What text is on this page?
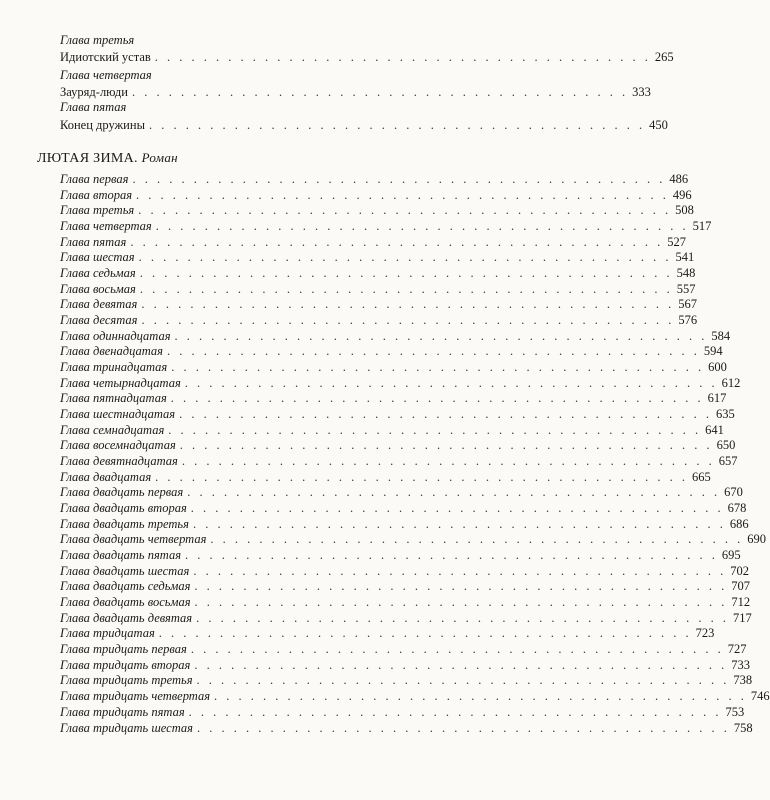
Глава третья
Идиотский устав . . . . . . . . . . . . . . . . . . . . . . . . . . . . . . . . . . . . . . . . . 265
Глава четвертая
Зауряд-люди . . . . . . . . . . . . . . . . . . . . . . . . . . . . . . . . . . . . . . . . . 333
Глава пятая
Конец дружины . . . . . . . . . . . . . . . . . . . . . . . . . . . . . . . . . . . . . . . . . 450
ЛЮТАЯ ЗИМА. Роман
Глава первая . . . . . . . . . . . . . . . . . . . . . . . . . . . . . . . . . . . . . . . . . . . . 486
Глава вторая . . . . . . . . . . . . . . . . . . . . . . . . . . . . . . . . . . . . . . . . . . . . 496
Глава третья . . . . . . . . . . . . . . . . . . . . . . . . . . . . . . . . . . . . . . . . . . . . 508
Глава четвертая . . . . . . . . . . . . . . . . . . . . . . . . . . . . . . . . . . . . . . . . . . . . 517
Глава пятая . . . . . . . . . . . . . . . . . . . . . . . . . . . . . . . . . . . . . . . . . . . . 527
Глава шестая . . . . . . . . . . . . . . . . . . . . . . . . . . . . . . . . . . . . . . . . . . . . 541
Глава седьмая . . . . . . . . . . . . . . . . . . . . . . . . . . . . . . . . . . . . . . . . . . . . 548
Глава восьмая . . . . . . . . . . . . . . . . . . . . . . . . . . . . . . . . . . . . . . . . . . . . 557
Глава девятая . . . . . . . . . . . . . . . . . . . . . . . . . . . . . . . . . . . . . . . . . . . . 567
Глава десятая . . . . . . . . . . . . . . . . . . . . . . . . . . . . . . . . . . . . . . . . . . . . 576
Глава одиннадцатая . . . . . . . . . . . . . . . . . . . . . . . . . . . . . . . . . . . . . . . . . . . . 584
Глава двенадцатая . . . . . . . . . . . . . . . . . . . . . . . . . . . . . . . . . . . . . . . . . . . . 594
Глава тринадцатая . . . . . . . . . . . . . . . . . . . . . . . . . . . . . . . . . . . . . . . . . . . . 600
Глава четырнадцатая . . . . . . . . . . . . . . . . . . . . . . . . . . . . . . . . . . . . . . . . . . . . 612
Глава пятнадцатая . . . . . . . . . . . . . . . . . . . . . . . . . . . . . . . . . . . . . . . . . . . . 617
Глава шестнадцатая . . . . . . . . . . . . . . . . . . . . . . . . . . . . . . . . . . . . . . . . . . . . 635
Глава семнадцатая . . . . . . . . . . . . . . . . . . . . . . . . . . . . . . . . . . . . . . . . . . . . 641
Глава восемнадцатая . . . . . . . . . . . . . . . . . . . . . . . . . . . . . . . . . . . . . . . . . . . . 650
Глава девятнадцатая . . . . . . . . . . . . . . . . . . . . . . . . . . . . . . . . . . . . . . . . . . . . 657
Глава двадцатая . . . . . . . . . . . . . . . . . . . . . . . . . . . . . . . . . . . . . . . . . . . . 665
Глава двадцать первая . . . . . . . . . . . . . . . . . . . . . . . . . . . . . . . . . . . . . . . . . . . . 670
Глава двадцать вторая . . . . . . . . . . . . . . . . . . . . . . . . . . . . . . . . . . . . . . . . . . . . 678
Глава двадцать третья . . . . . . . . . . . . . . . . . . . . . . . . . . . . . . . . . . . . . . . . . . . . 686
Глава двадцать четвертая . . . . . . . . . . . . . . . . . . . . . . . . . . . . . . . . . . . . . . . . . . . . 690
Глава двадцать пятая . . . . . . . . . . . . . . . . . . . . . . . . . . . . . . . . . . . . . . . . . . . . 695
Глава двадцать шестая . . . . . . . . . . . . . . . . . . . . . . . . . . . . . . . . . . . . . . . . . . . . 702
Глава двадцать седьмая . . . . . . . . . . . . . . . . . . . . . . . . . . . . . . . . . . . . . . . . . . . . 707
Глава двадцать восьмая . . . . . . . . . . . . . . . . . . . . . . . . . . . . . . . . . . . . . . . . . . . . 712
Глава двадцать девятая . . . . . . . . . . . . . . . . . . . . . . . . . . . . . . . . . . . . . . . . . . . . 717
Глава тридцатая . . . . . . . . . . . . . . . . . . . . . . . . . . . . . . . . . . . . . . . . . . . . 723
Глава тридцать первая . . . . . . . . . . . . . . . . . . . . . . . . . . . . . . . . . . . . . . . . . . . . 727
Глава тридцать вторая . . . . . . . . . . . . . . . . . . . . . . . . . . . . . . . . . . . . . . . . . . . . 733
Глава тридцать третья . . . . . . . . . . . . . . . . . . . . . . . . . . . . . . . . . . . . . . . . . . . . 738
Глава тридцать четвертая . . . . . . . . . . . . . . . . . . . . . . . . . . . . . . . . . . . . . . . . . . . . 746
Глава тридцать пятая . . . . . . . . . . . . . . . . . . . . . . . . . . . . . . . . . . . . . . . . . . . . 753
Глава тридцать шестая . . . . . . . . . . . . . . . . . . . . . . . . . . . . . . . . . . . . . . . . . . . . 758
